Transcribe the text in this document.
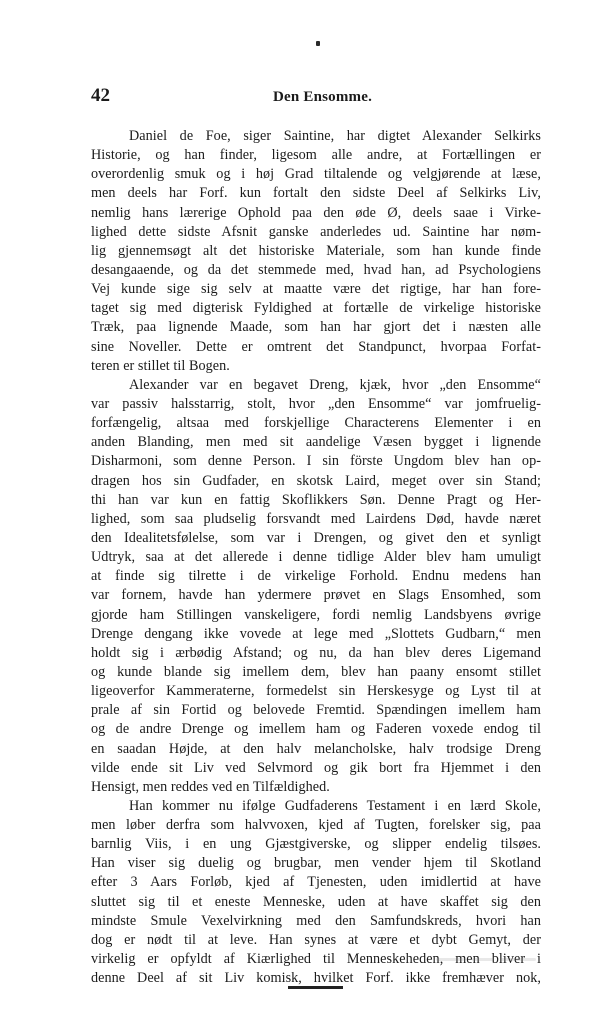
42	Den Ensomme.
Daniel de Foe, siger Saintine, har digtet Alexander Selkirks
Historie, og han finder, ligesom alle andre, at Fortællingen er
overordenlig smuk og i høj Grad tiltalende og velgjørende at læse,
men deels har Forf. kun fortalt den sidste Deel af Selkirks Liv,
nemlig hans lærerige Ophold paa den øde Ø, deels saae i Virke-
lighed dette sidste Afsnit ganske anderledes ud. Saintine har nøm-
lig gjennemsøgt alt det historiske Materiale, som han kunde finde
desangaaende, og da det stemmede med, hvad han, ad Psychologiens
Vej kunde sige sig selv at maatte være det rigtige, har han fore-
taget sig med digterisk Fyldighed at fortælle de virkelige historiske
Træk, paa lignende Maade, som han har gjort det i næsten alle
sine Noveller. Dette er omtrent det Standpunct, hvorpaa Forfat-
teren er stillet til Bogen.
Alexander var en begavet Dreng, kjæk, hvor „den Ensomme“
var passiv halsstarrig, stolt, hvor „den Ensomme“ var jomfruelig-
forfængelig, altsaa med forskjellige Characterens Elementer i en
anden Blanding, men med sit aandelige Væsen bygget i lignende
Disharmoni, som denne Person. I sin förste Ungdom blev han op-
dragen hos sin Gudfader, en skotsk Laird, meget over sin Stand;
thi han var kun en fattig Skoflikkers Søn. Denne Pragt og Her-
lighed, som saa pludselig forsvandt med Lairdens Død, havde næret
den Idealitetsfølelse, som var i Drengen, og givet den et synligt
Udtryk, saa at det allerede i denne tidlige Alder blev ham umuligt
at finde sig tilrette i de virkelige Forhold. Endnu medens han
var fornem, havde han ydermere prøvet en Slags Ensomhed, som
gjorde ham Stillingen vanskeligere, fordi nemlig Landsbyens øvrige
Drenge dengang ikke vovede at lege med „Slottets Gudbarn,“ men
holdt sig i ærbødig Afstand; og nu, da han blev deres Ligemand
og kunde blande sig imellem dem, blev han paany ensomt stillet
ligeoverfor Kammeraterne, formedelst sin Herskesyge og Lyst til at
prale af sin Fortid og belovede Fremtid. Spændingen imellem ham
og de andre Drenge og imellem ham og Faderen voxede endog til
en saadan Højde, at den halv melancholske, halv trodsige Dreng
vilde ende sit Liv ved Selvmord og gik bort fra Hjemmet i den
Hensigt, men reddes ved en Tilfældighed.
Han kommer nu ifølge Gudfaderens Testament i en lærd Skole,
men løber derfra som halvvoxen, kjed af Tugten, forelsker sig, paa
barnlig Viis, i en ung Gjæstgiverske, og slipper endelig tilsøes.
Han viser sig duelig og brugbar, men vender hjem til Skotland
efter 3 Aars Forløb, kjed af Tjenesten, uden imidlertid at have
sluttet sig til et eneste Menneske, uden at have skaffet sig den
mindste Smule Vexelvirkning med den Samfundskreds, hvori han
dog er nødt til at leve. Han synes at være et dybt Gemyt, der
virkelig er opfyldt af Kiærlighed til Menneskeheden, men bliver i
denne Deel af sit Liv komisk, hvilket Forf. ikke fremhæver nok,
